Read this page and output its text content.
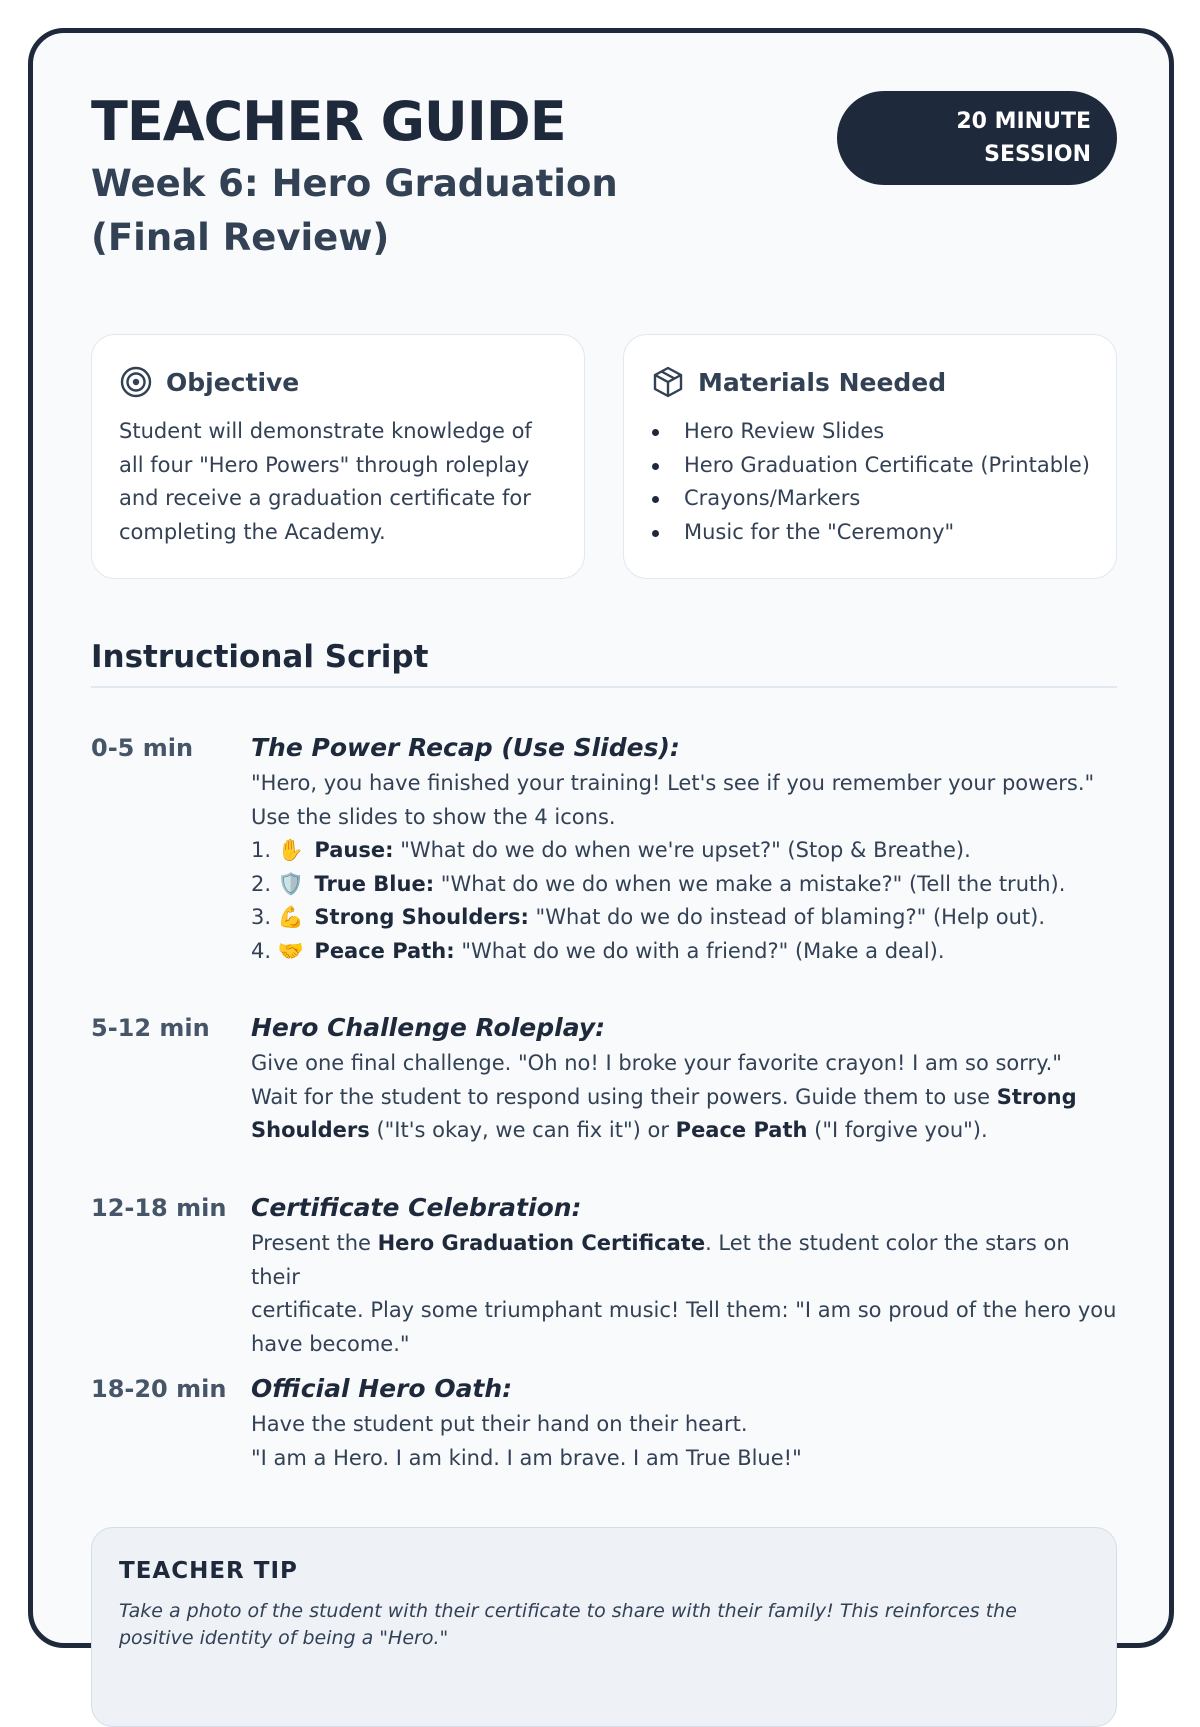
TEACHER GUIDE
Week 6: Hero Graduation (Final Review)
20 MINUTE
SESSION
Objective

Student will demonstrate knowledge of all four "Hero Powers" through roleplay and receive a graduation certificate for completing the Academy.

Materials Needed
Hero Review Slides
Hero Graduation Certificate (Printable)
Crayons/Markers
Music for the "Ceremony"
Instructional Script
0-5 min The Power Recap (Use Slides):
"Hero, you have finished your training! Let's see if you remember your powers."
Use the slides to show the 4 icons.
1. ✋ Pause: "What do we do when we're upset?" (Stop & Breathe).
2. 🛡️ True Blue: "What do we do when we make a mistake?" (Tell the truth).
3. 💪 Strong Shoulders: "What do we do instead of blaming?" (Help out).
4. 🤝 Peace Path: "What do we do with a friend?" (Make a deal).
5-12 min Hero Challenge Roleplay:
Give one final challenge. "Oh no! I broke your favorite crayon! I am so sorry."
Wait for the student to respond using their powers. Guide them to use Strong
Shoulders ("It's okay, we can fix it") or Peace Path ("I forgive you").
12-18 min Certificate Celebration:
Present the Hero Graduation Certificate. Let the student color the stars on their
certificate. Play some triumphant music! Tell them: "I am so proud of the hero you
have become."
18-20 min Official Hero Oath:
Have the student put their hand on their heart.
"I am a Hero. I am kind. I am brave. I am True Blue!"
TEACHER TIP

Take a photo of the student with their certificate to share with their family! This reinforces the positive identity of being a "Hero."
